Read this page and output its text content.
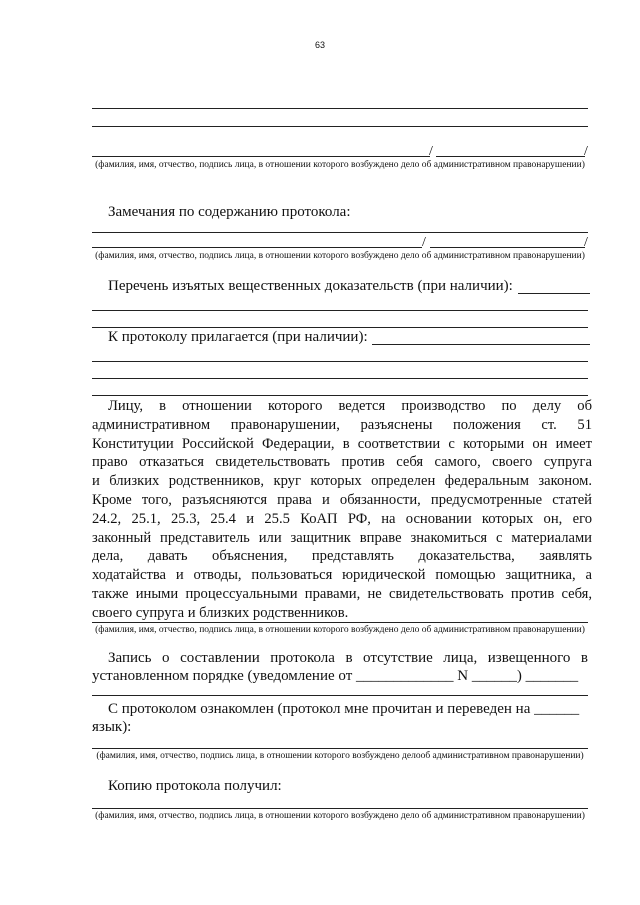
63
/	/
(фамилия, имя, отчество, подпись лица, в отношении которого возбуждено дело об административном правонарушении)
Замечания по содержанию протокола:
/	/
(фамилия, имя, отчество, подпись лица, в отношении которого возбуждено дело об административном правонарушении)
Перечень изъятых вещественных доказательств (при наличии):
К протоколу прилагается (при наличии):
Лицу, в отношении которого ведется производство по делу об
административном правонарушении, разъяснены положения ст. 51
Конституции Российской Федерации, в соответствии с которыми он имеет
право отказаться свидетельствовать против себя самого, своего супруга
и близких родственников, круг которых определен федеральным законом.
Кроме того, разъясняются права и обязанности, предусмотренные статей
24.2, 25.1, 25.3, 25.4 и 25.5 КоАП РФ, на основании которых он, его
законный представитель или защитник вправе знакомиться с материалами
дела, давать объяснения, представлять доказательства, заявлять
ходатайства и отводы, пользоваться юридической помощью защитника, а
также иными процессуальными правами, не свидетельствовать против себя,
своего супруга и близких родственников.
(фамилия, имя, отчество, подпись лица, в отношении которого возбуждено дело об административном правонарушении)
Запись о составлении протокола в отсутствие лица, извещенного в
установленном порядке (уведомление от _____________ N ______) _______
С протоколом ознакомлен (протокол мне прочитан и переведен на ______
язык):
(фамилия, имя, отчество, подпись лица, в отношении которого возбуждено делооб административном правонарушении)
Копию протокола получил:
(фамилия, имя, отчество, подпись лица, в отношении которого возбуждено дело об административном правонарушении)
